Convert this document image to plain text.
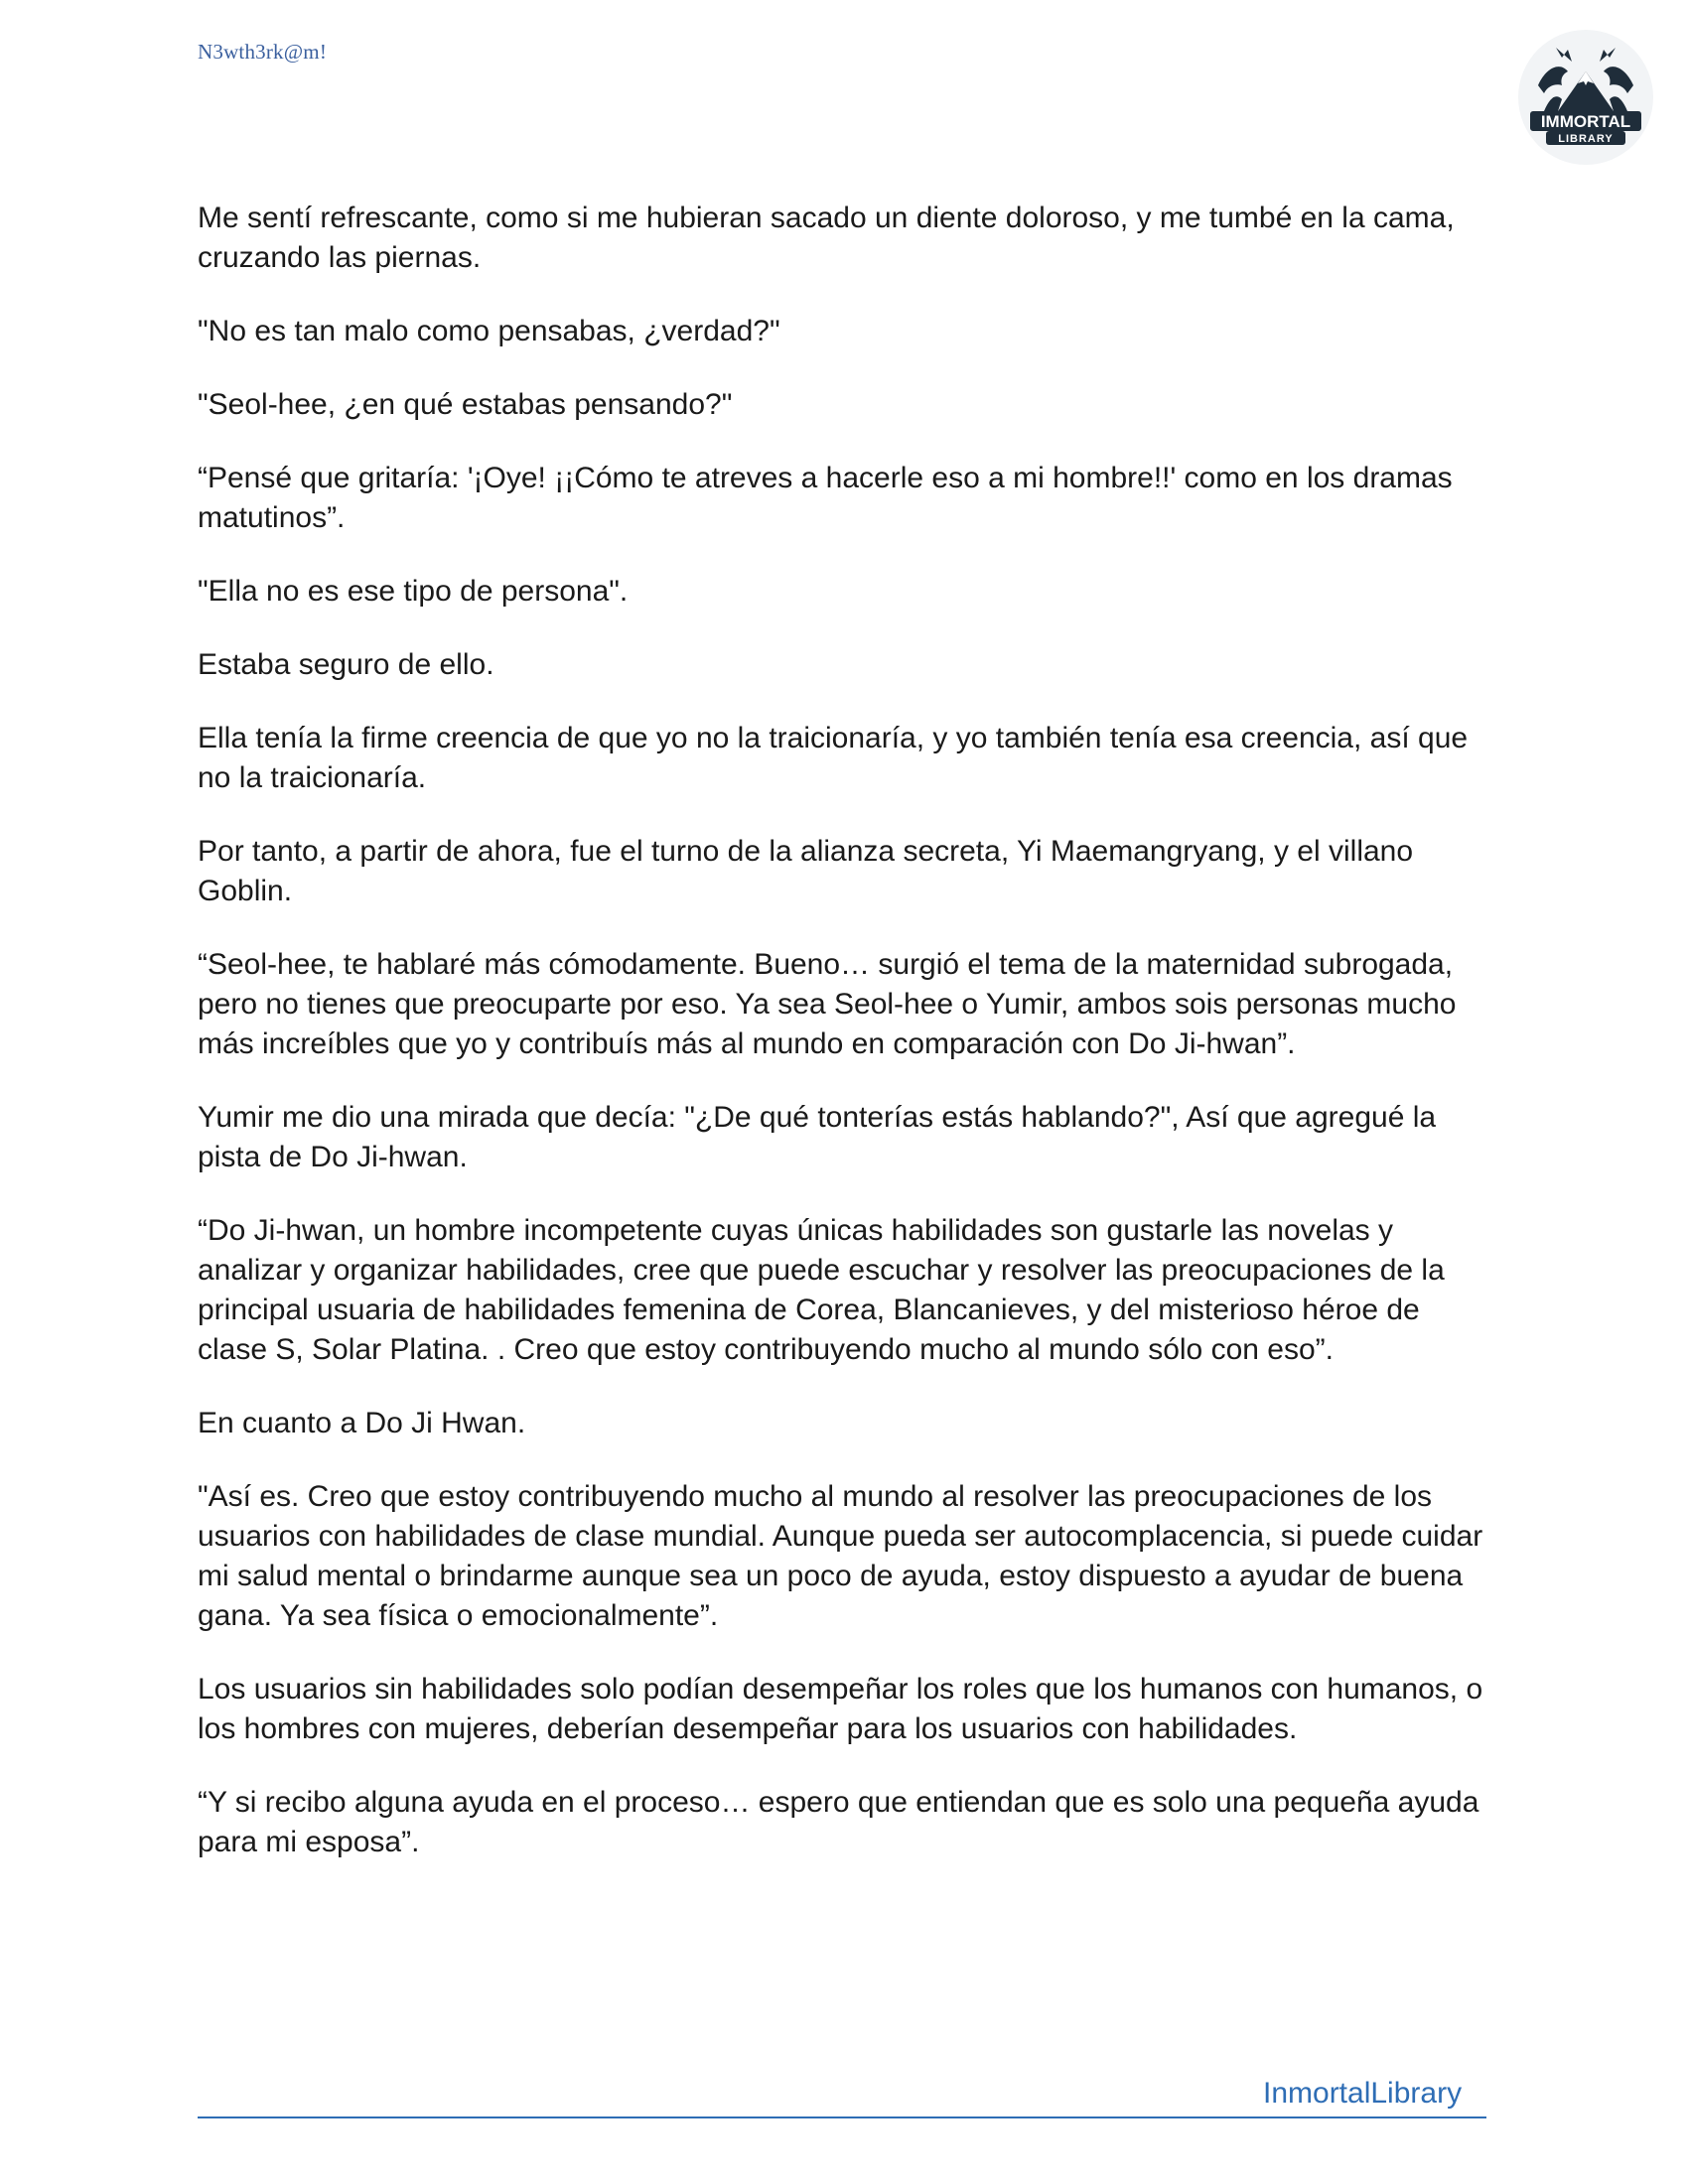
N3wth3rk@m!
IMMORTAL
LIBRARY

Me sentí refrescante, como si me hubieran sacado un diente doloroso, y me tumbé en la cama, cruzando las piernas.

"No es tan malo como pensabas, ¿verdad?"

"Seol-hee, ¿en qué estabas pensando?"

“Pensé que gritaría: '¡Oye! ¡¡Cómo te atreves a hacerle eso a mi hombre!!' como en los dramas matutinos”.

"Ella no es ese tipo de persona".

Estaba seguro de ello.

Ella tenía la firme creencia de que yo no la traicionaría, y yo también tenía esa creencia, así que no la traicionaría.

Por tanto, a partir de ahora, fue el turno de la alianza secreta, Yi Maemangryang, y el villano Goblin.

“Seol-hee, te hablaré más cómodamente. Bueno… surgió el tema de la maternidad subrogada, pero no tienes que preocuparte por eso. Ya sea Seol-hee o Yumir, ambos sois personas mucho más increíbles que yo y contribuís más al mundo en comparación con Do Ji-hwan”.

Yumir me dio una mirada que decía: "¿De qué tonterías estás hablando?", Así que agregué la pista de Do Ji-hwan.

“Do Ji-hwan, un hombre incompetente cuyas únicas habilidades son gustarle las novelas y analizar y organizar habilidades, cree que puede escuchar y resolver las preocupaciones de la principal usuaria de habilidades femenina de Corea, Blancanieves, y del misterioso héroe de clase S, Solar Platina. . Creo que estoy contribuyendo mucho al mundo sólo con eso”.

En cuanto a Do Ji Hwan.

"Así es. Creo que estoy contribuyendo mucho al mundo al resolver las preocupaciones de los usuarios con habilidades de clase mundial. Aunque pueda ser autocomplacencia, si puede cuidar mi salud mental o brindarme aunque sea un poco de ayuda, estoy dispuesto a ayudar de buena gana. Ya sea física o emocionalmente”.

Los usuarios sin habilidades solo podían desempeñar los roles que los humanos con humanos, o los hombres con mujeres, deberían desempeñar para los usuarios con habilidades.

“Y si recibo alguna ayuda en el proceso… espero que entiendan que es solo una pequeña ayuda para mi esposa”.

InmortalLibrary
